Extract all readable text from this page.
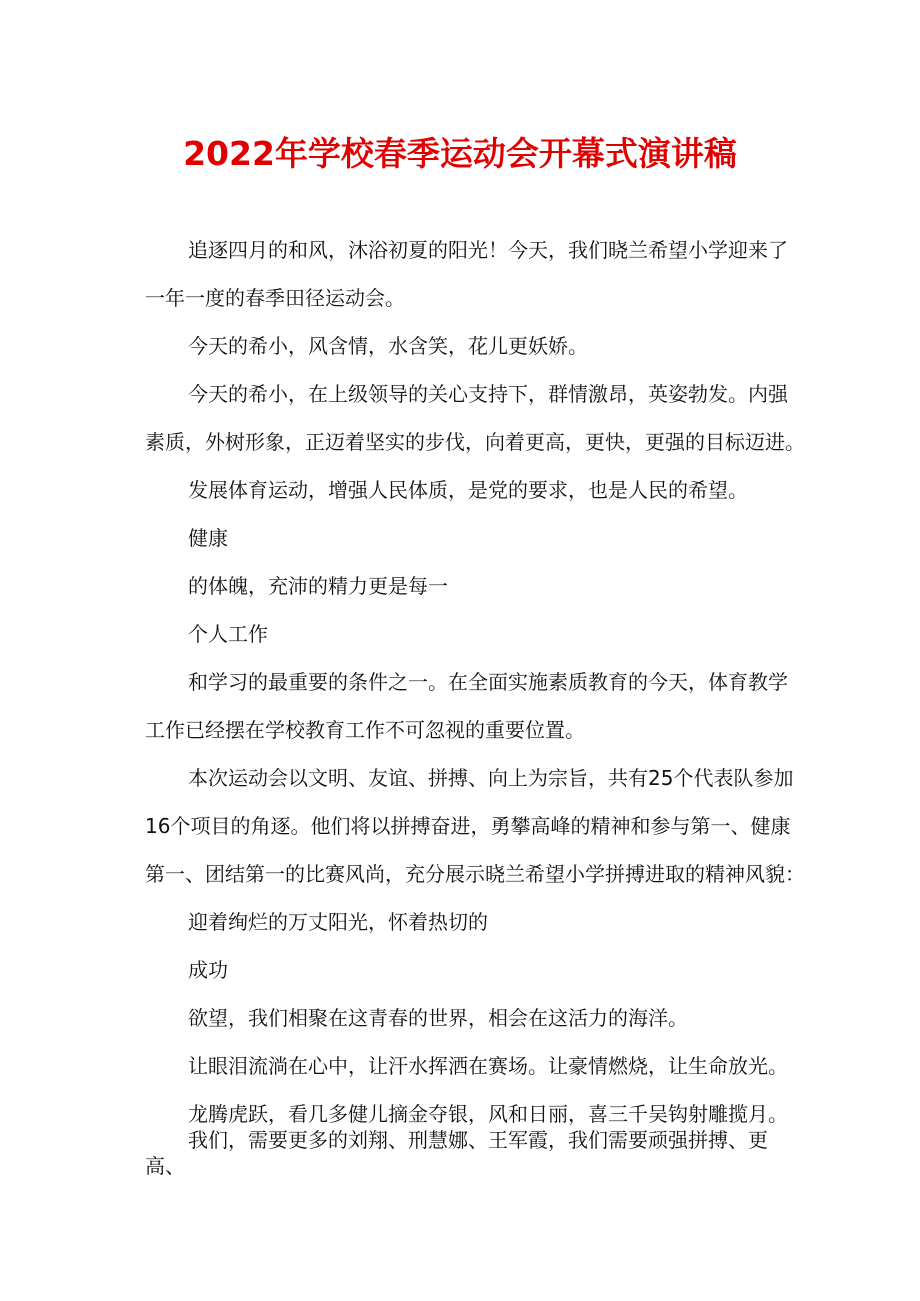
2022年学校春季运动会开幕式演讲稿

追逐四月的和风，沐浴初夏的阳光！今天，我们晓兰希望小学迎来了一年一度的春季田径运动会。

今天的希小，风含情，水含笑，花儿更妖娇。

今天的希小，在上级领导的关心支持下，群情激昂，英姿勃发。内强素质，外树形象，正迈着坚实的步伐，向着更高，更快，更强的目标迈进。

发展体育运动，增强人民体质，是党的要求，也是人民的希望。

健康

的体魄，充沛的精力更是每一

个人工作

和学习的最重要的条件之一。在全面实施素质教育的今天，体育教学工作已经摆在学校教育工作不可忽视的重要位置。

本次运动会以文明、友谊、拼搏、向上为宗旨，共有25个代表队参加16个项目的角逐。他们将以拼搏奋进，勇攀高峰的精神和参与第一、健康第一、团结第一的比赛风尚，充分展示晓兰希望小学拼搏进取的精神风貌：

迎着绚烂的万丈阳光，怀着热切的

成功

欲望，我们相聚在这青春的世界，相会在这活力的海洋。

让眼泪流淌在心中，让汗水挥洒在赛场。让豪情燃烧，让生命放光。

龙腾虎跃，看几多健儿摘金夺银，风和日丽，喜三千吴钩射雕揽月。

我们，需要更多的刘翔、刑慧娜、王军霞，我们需要顽强拼搏、更高、
